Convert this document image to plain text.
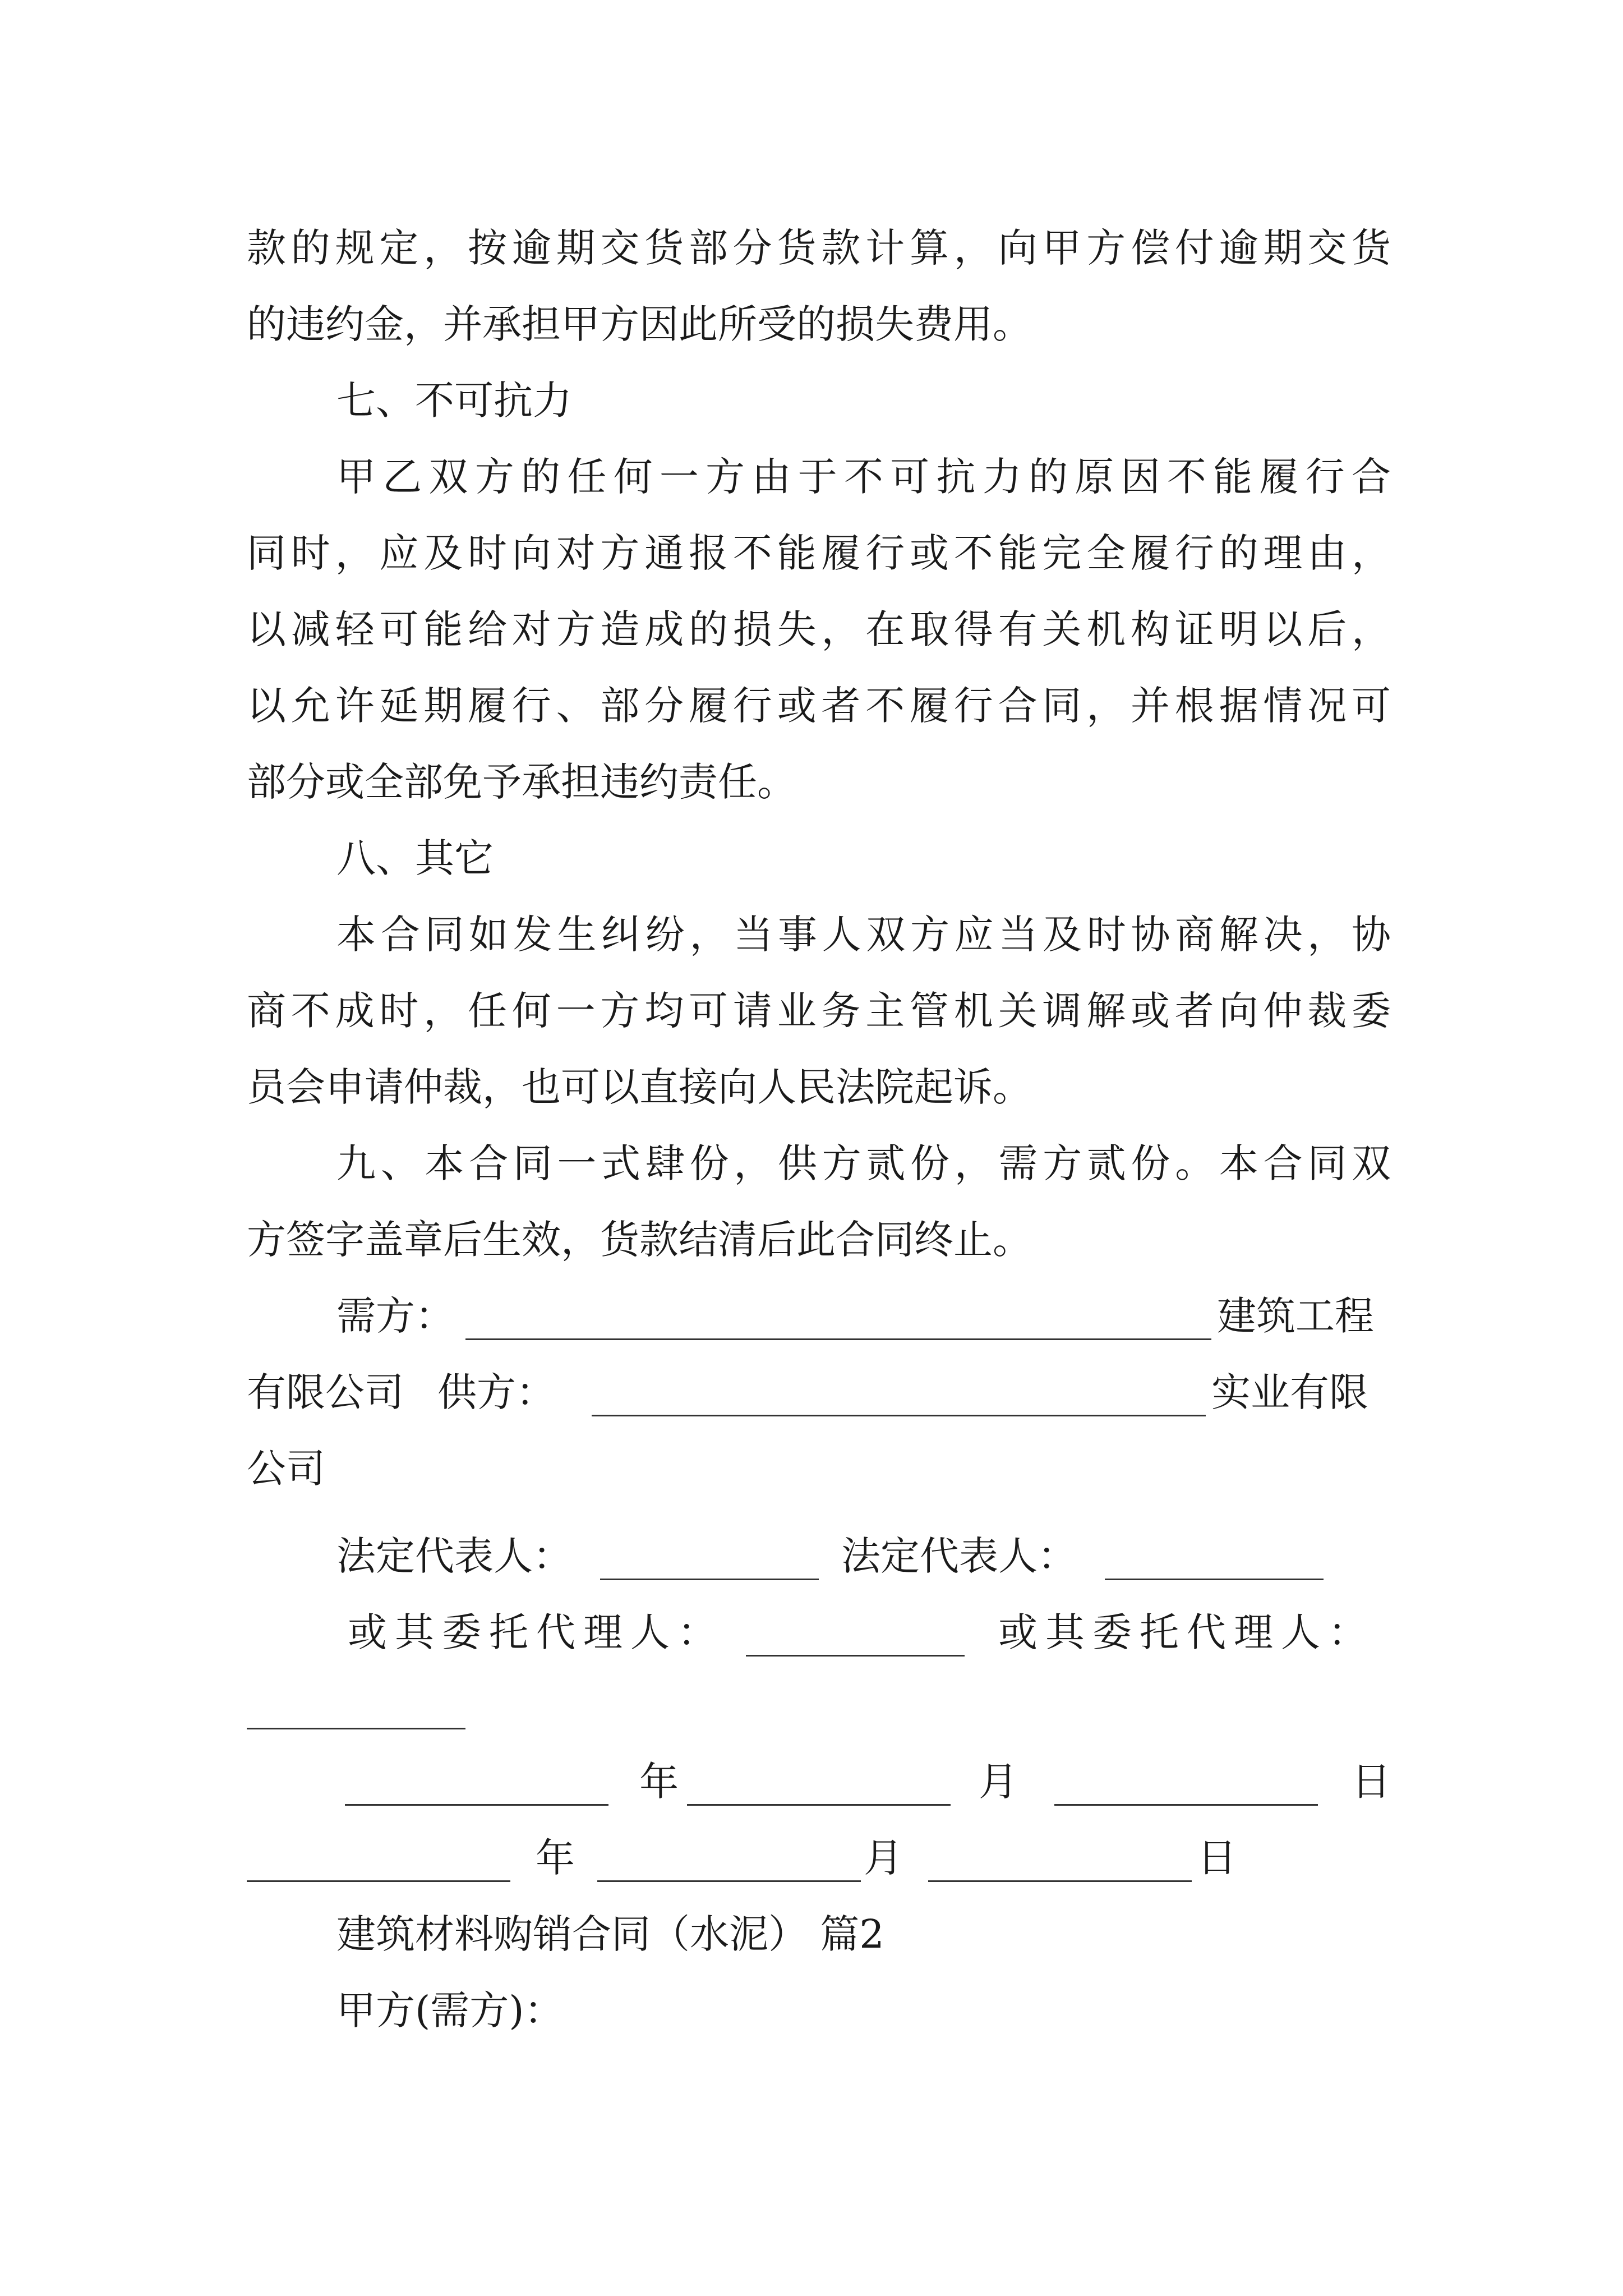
款的规定，按逾期交货部分货款计算，向甲方偿付逾期交货
的违约金，并承担甲方因此所受的损失费用。
七、不可抗力
甲乙双方的任何一方由于不可抗力的原因不能履行合
同时，应及时向对方通报不能履行或不能完全履行的理由，
以减轻可能给对方造成的损失，在取得有关机构证明以后，
以允许延期履行、部分履行或者不履行合同，并根据情况可
部分或全部免予承担违约责任。
八、其它
本合同如发生纠纷，当事人双方应当及时协商解决，协
商不成时，任何一方均可请业务主管机关调解或者向仲裁委
员会申请仲裁，也可以直接向人民法院起诉。
九、本合同一式肆份，供方贰份，需方贰份。本合同双
方签字盖章后生效，货款结清后此合同终止。
需方：	建筑工程
有限公司 供方：	实业有限
公司
法定代表人：	法定代表人：
或其委托代理人：	或其委托代理人：
年	月	日
年	月	日
建筑材料购销合同（水泥） 篇2
甲方(需方)：
